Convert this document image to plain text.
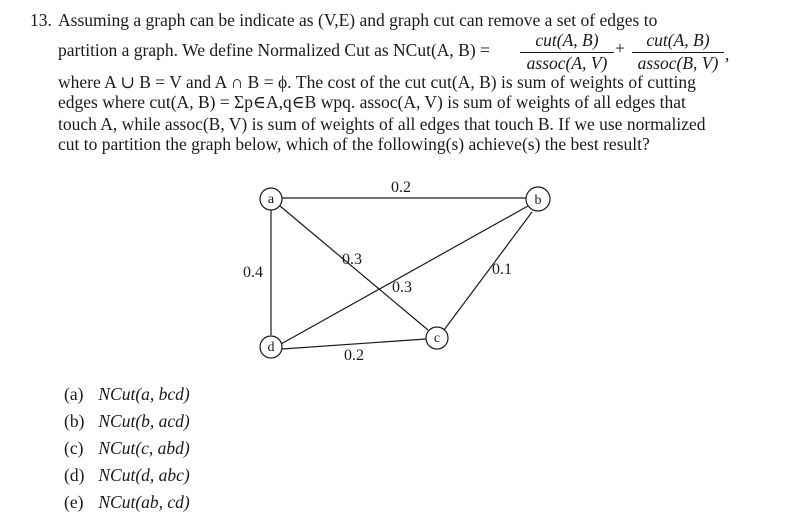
13. Assuming a graph can be indicate as (V,E) and graph cut can remove a set of edges to
partition a graph. We define Normalized Cut as NCut(A, B) =	cut(A, B)
assoc(A, V)
+	cut(A, B)
assoc(B, V) ,
where A ∪ B = V and A ∩ B = ϕ. The cost of the cut cut(A, B) is sum of weights of cutting
edges where cut(A, B) = Σp∈A,q∈B wpq. assoc(A, V) is sum of weights of all edges that
touch A, while assoc(B, V) is sum of weights of all edges that touch B. If we use normalized
cut to partition the graph below, which of the following(s) achieve(s) the best result?
0.2
0.4
0.3
0.3
0.1
0.2
a	b
c
d
(a) NCut(a, bcd)
(b) NCut(b, acd)
(c) NCut(c, abd)
(d) NCut(d, abc)
(e) NCut(ab, cd)
